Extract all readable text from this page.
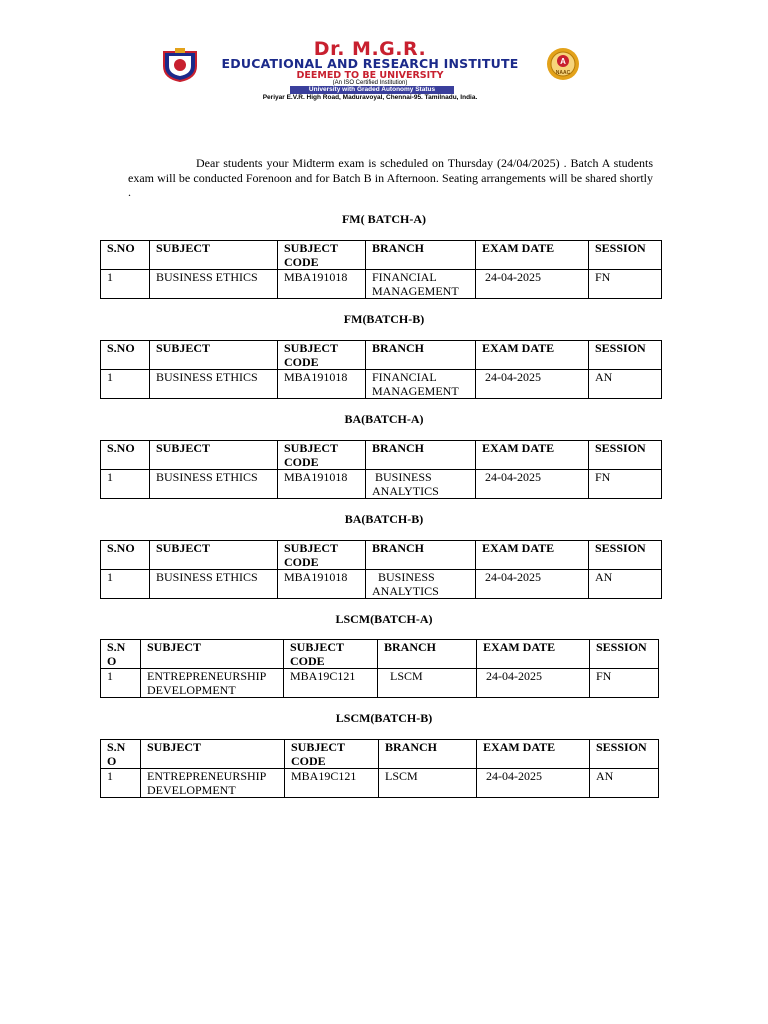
Dr. M.G.R.
EDUCATIONAL AND RESEARCH INSTITUTE
DEEMED TO BE UNIVERSITY
(An ISO Certified Institution)
University with Graded Autonomy Status
Periyar E.V.R. High Road, Maduravoyal, Chennai-95. Tamilnadu, India.
A
NAAC
Dear students your Midterm exam is scheduled on Thursday (24/04/2025) . Batch A students exam will be conducted Forenoon and for Batch B in Afternoon. Seating arrangements will be shared shortly .
FM( BATCH-A)
S.NO	SUBJECT	SUBJECT CODE	BRANCH	EXAM DATE	SESSION
1	BUSINESS ETHICS	MBA191018	FINANCIAL MANAGEMENT	24-04-2025	FN
FM(BATCH-B)
S.NO	SUBJECT	SUBJECT CODE	BRANCH	EXAM DATE	SESSION
1	BUSINESS ETHICS	MBA191018	FINANCIAL MANAGEMENT	24-04-2025	AN
BA(BATCH-A)
S.NO	SUBJECT	SUBJECT CODE	BRANCH	EXAM DATE	SESSION
1	BUSINESS ETHICS	MBA191018	BUSINESS ANALYTICS	24-04-2025	FN
BA(BATCH-B)
S.NO	SUBJECT	SUBJECT CODE	BRANCH	EXAM DATE	SESSION
1	BUSINESS ETHICS	MBA191018	BUSINESS ANALYTICS	24-04-2025	AN
LSCM(BATCH-A)
S.NO	SUBJECT	SUBJECT CODE	BRANCH	EXAM DATE	SESSION
1	ENTREPRENEURSHIP DEVELOPMENT	MBA19C121	LSCM	24-04-2025	FN
LSCM(BATCH-B)
S.NO	SUBJECT	SUBJECT CODE	BRANCH	EXAM DATE	SESSION
1	ENTREPRENEURSHIP DEVELOPMENT	MBA19C121	LSCM	24-04-2025	AN
